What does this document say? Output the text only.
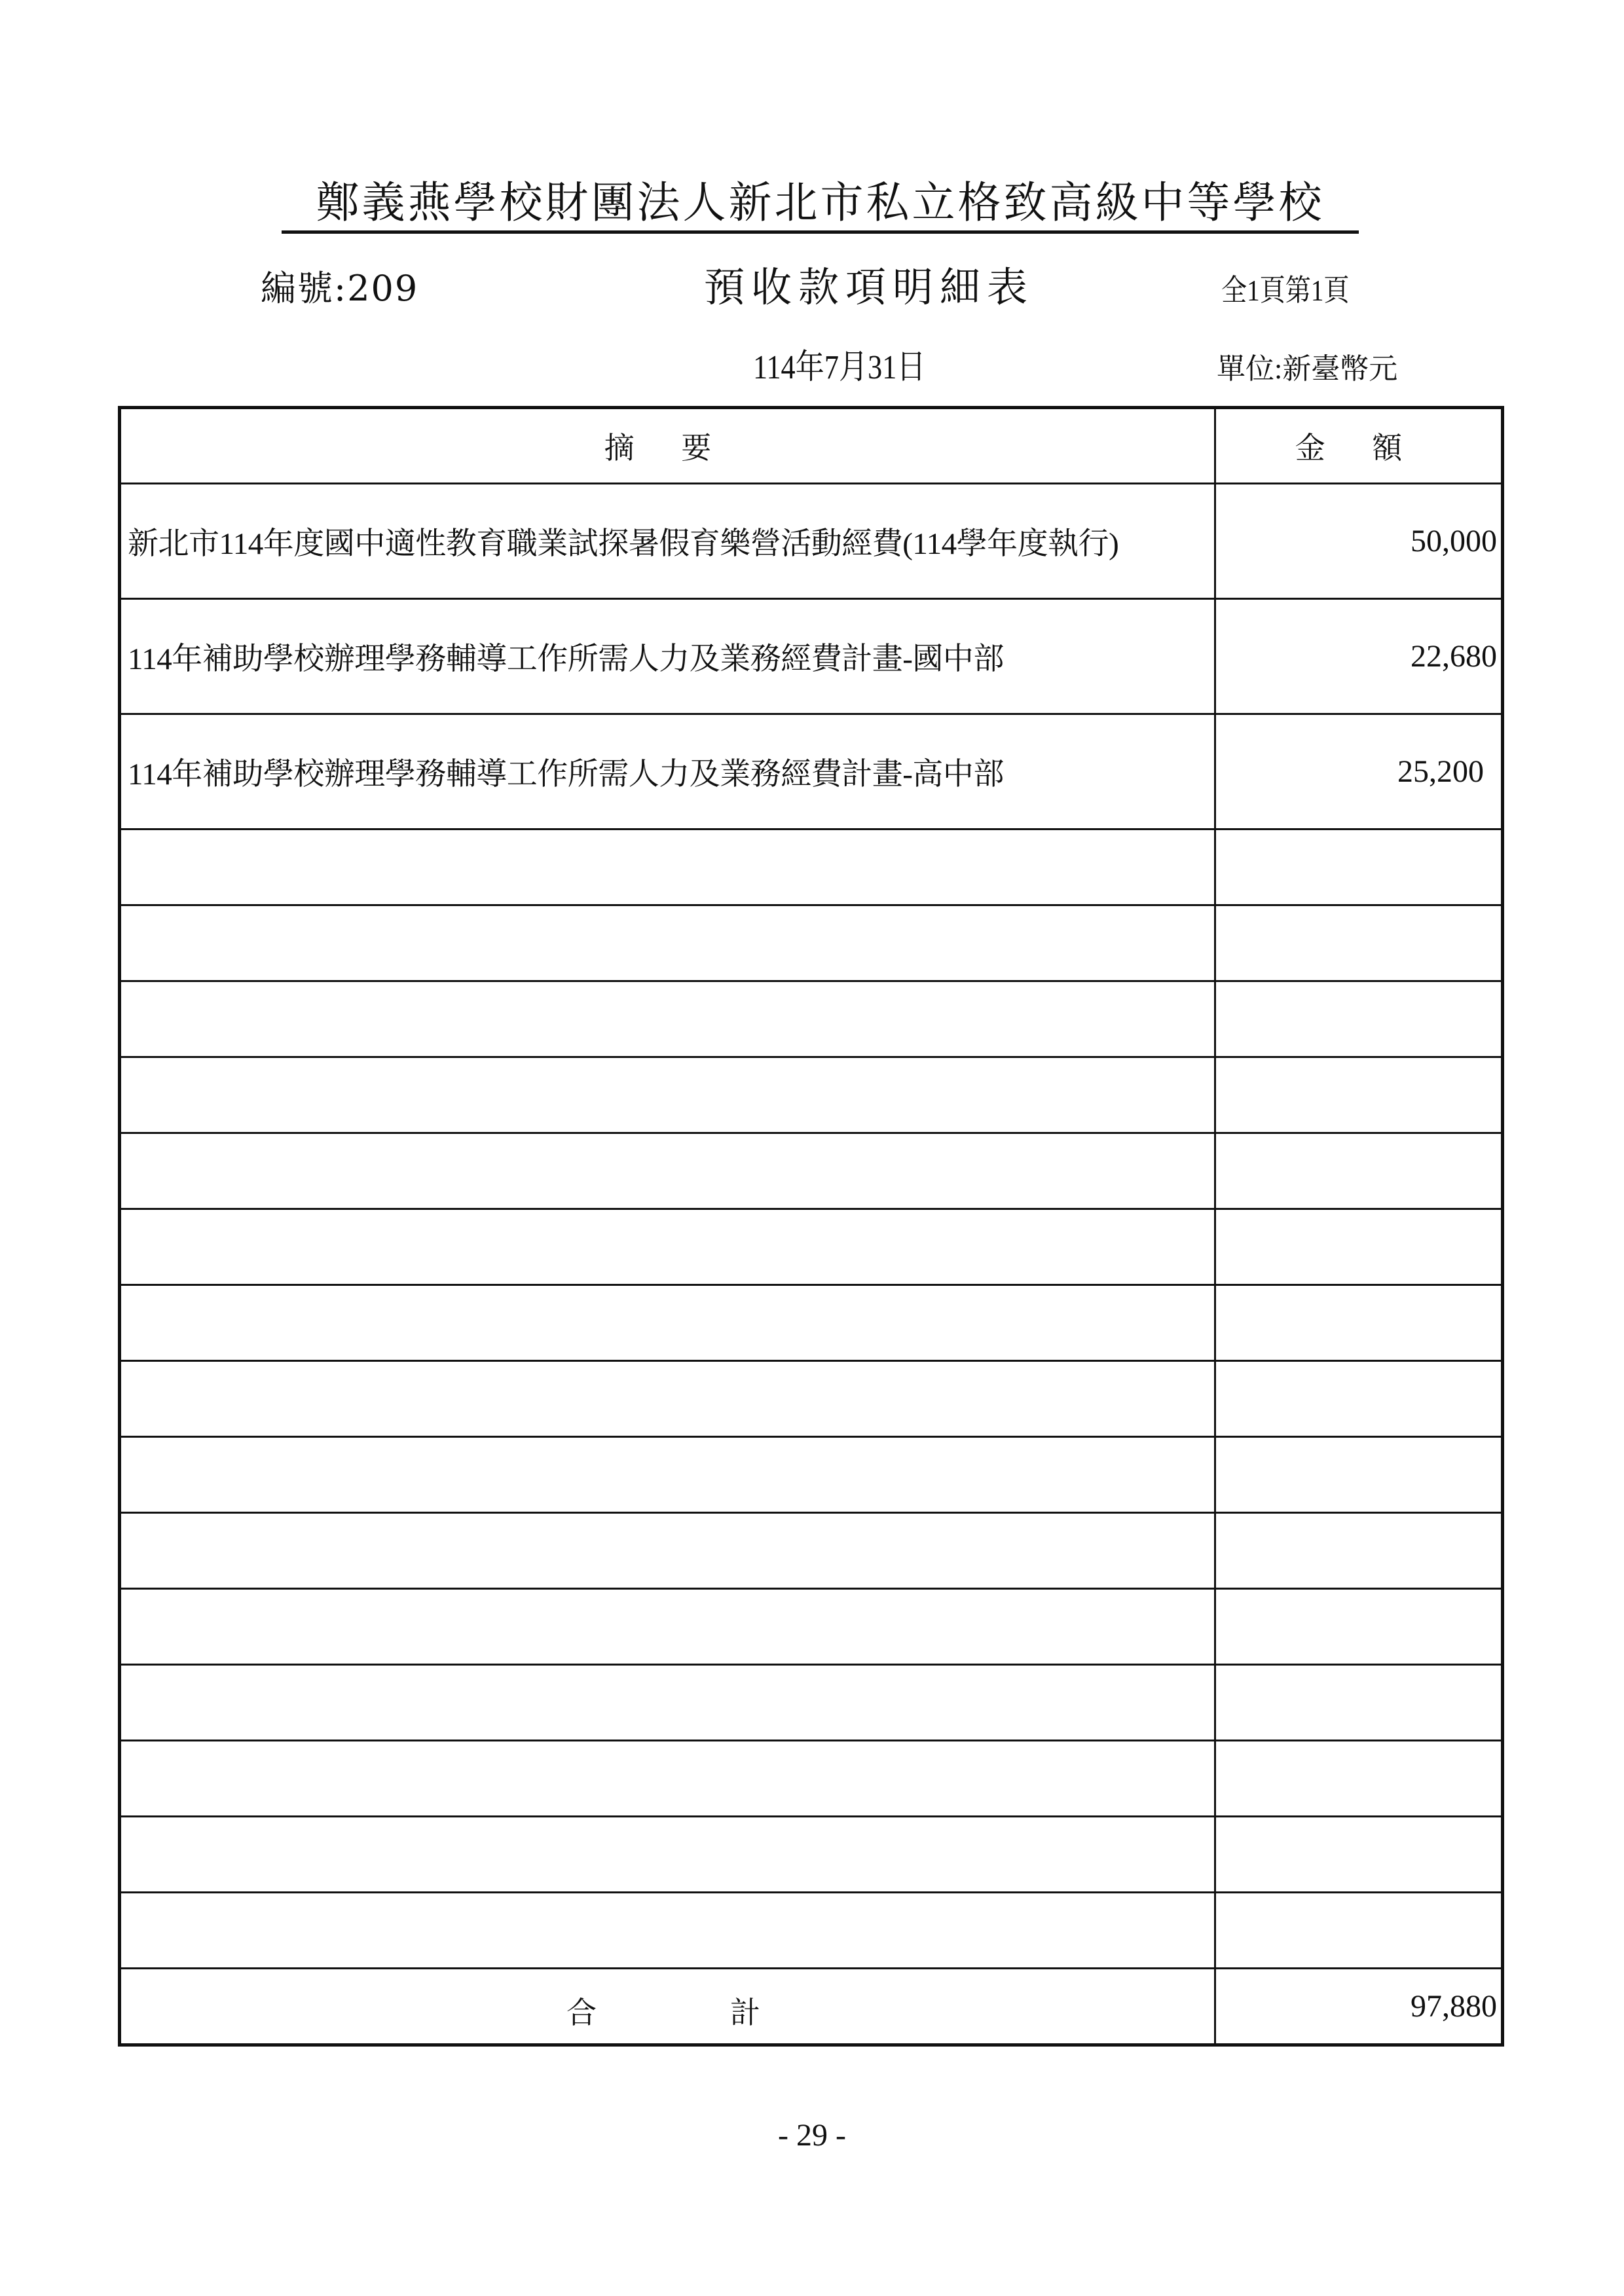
鄭義燕學校財團法人新北市私立格致高級中等學校
編號:209	預收款項明細表	全1頁第1頁
114年7月31日	單位:新臺幣元
摘 要	金 額
新北市114年度國中適性教育職業試探暑假育樂營活動經費(114學年度執行)	50,000
114年補助學校辦理學務輔導工作所需人力及業務經費計畫-國中部	22,680
114年補助學校辦理學務輔導工作所需人力及業務經費計畫-高中部	25,200

合 計	97,880
- 29 -
